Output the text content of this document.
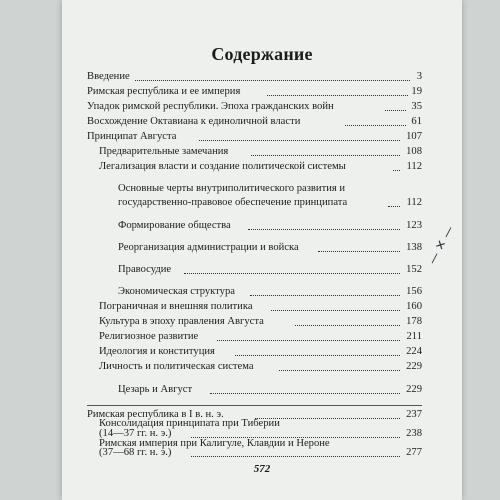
Содержание
Введение	3
Римская республика и ее империя	19
Упадок римской республики. Эпоха гражданских войн	35
Восхождение Октавиана к единоличной власти	61
Принципат Августа	107
Предварительные замечания	108
Легализация власти и создание политической системы	112
Основные черты внутриполитического развития и
государственно-правовое обеспечение принципата	112
Формирование общества	123
Реорганизация администрации и войска	138
Правосудие	152
Экономическая структура	156
Пограничная и внешняя политика	160
Культура в эпоху правления Августа	178
Религиозное развитие	211
Идеология и конституция	224
Личность и политическая система	229
Цезарь и Август	229
Римская республика в I в. н. э.	237
Консолидация принципата при Тиберии
(14—37 гг. н. э.)	238
Римская империя при Калигуле, Клавдии и Нероне
(37—68 гг. н. э.)	277
572
— ✕ —
